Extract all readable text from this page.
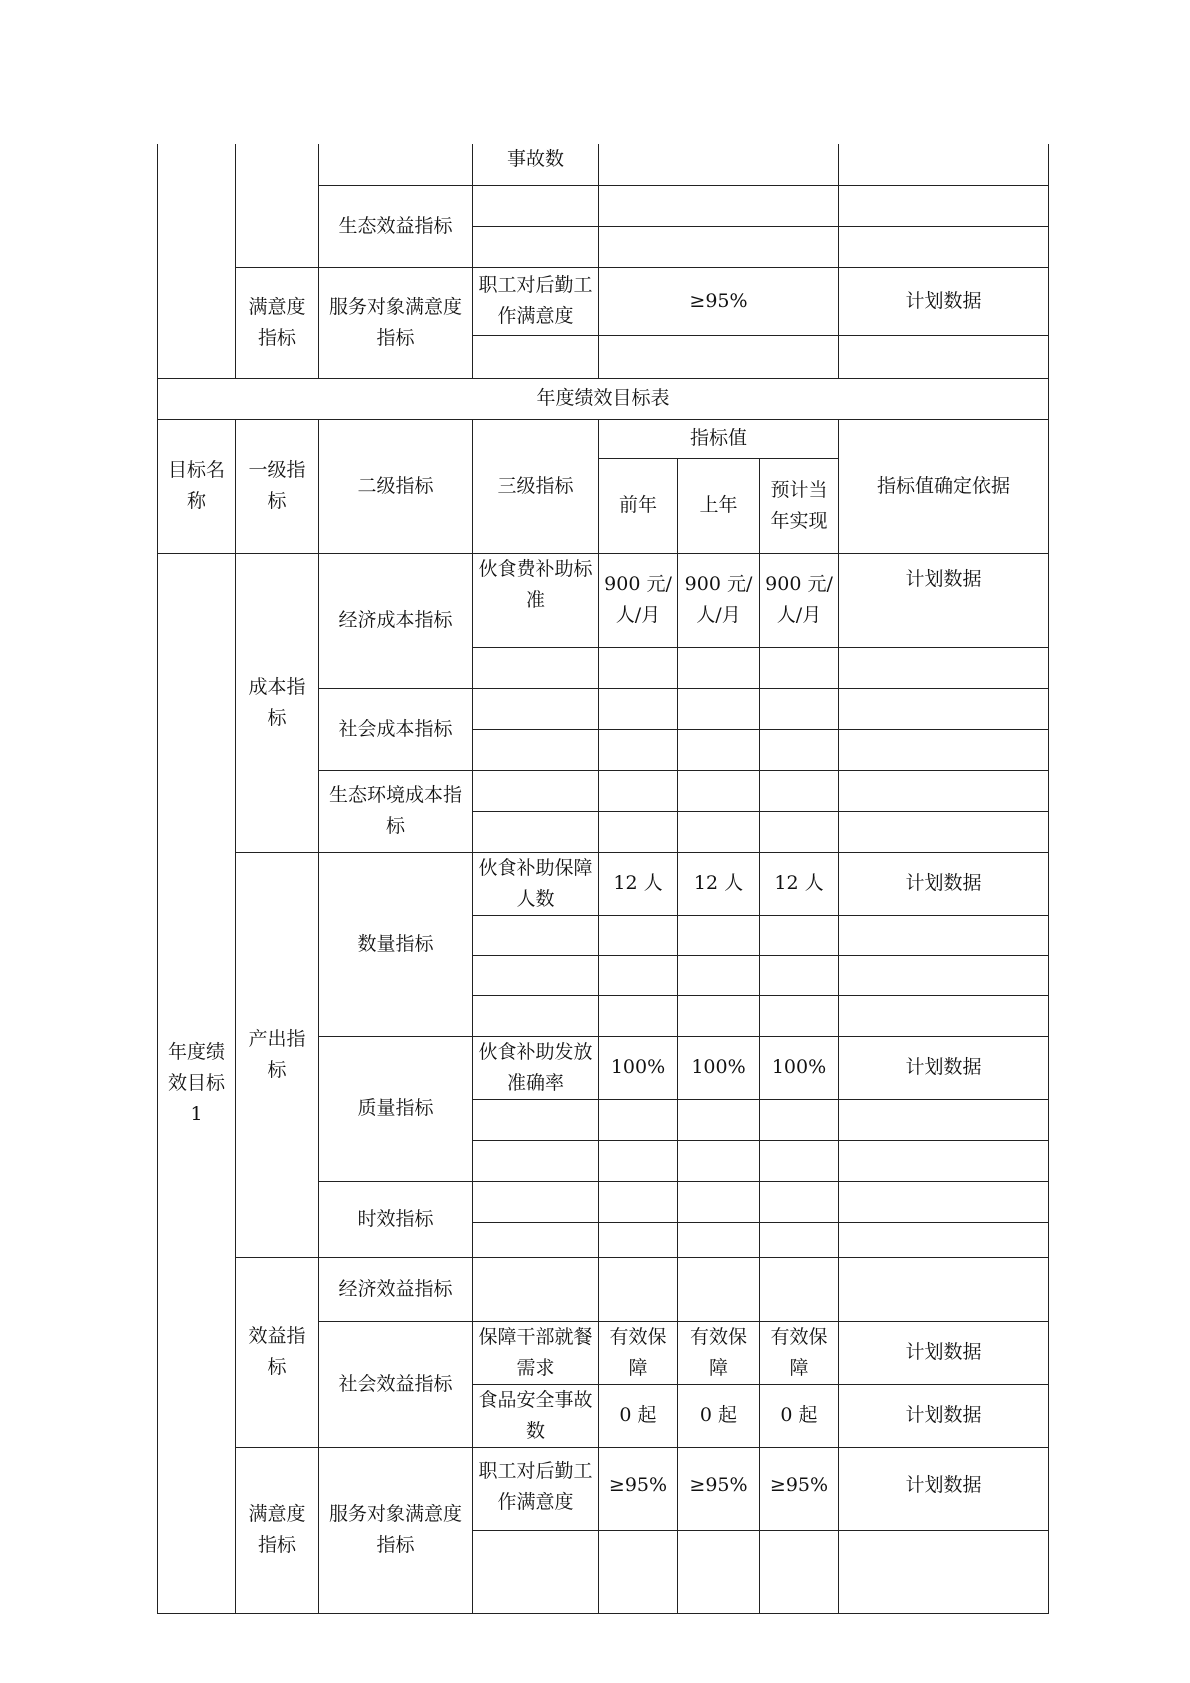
			事故数		
		生态效益指标			

	满意度指标	服务对象满意度指标	职工对后勤工作满意度	≥95%	计划数据

年度绩效目标表							
目标名称	一级指标	二级指标	三级指标	指标值			指标值确定依据
				前年	上年	预计当年实现	
年度绩效目标 1	成本指标	经济成本指标	伙食费补助标准	900 元/人/月	900 元/人/月	900 元/人/月	计划数据

		社会成本指标					

		生态环境成本指标					

	产出指标	数量指标	伙食补助保障人数	12 人	12 人	12 人	计划数据

		质量指标	伙食补助发放准确率	100%	100%	100%	计划数据

		时效指标					

	效益指标	经济效益指标					
		社会效益指标	保障干部就餐需求	有效保障	有效保障	有效保障	计划数据
			食品安全事故数	0 起	0 起	0 起	计划数据
	满意度指标	服务对象满意度指标	职工对后勤工作满意度	≥95%	≥95%	≥95%	计划数据
